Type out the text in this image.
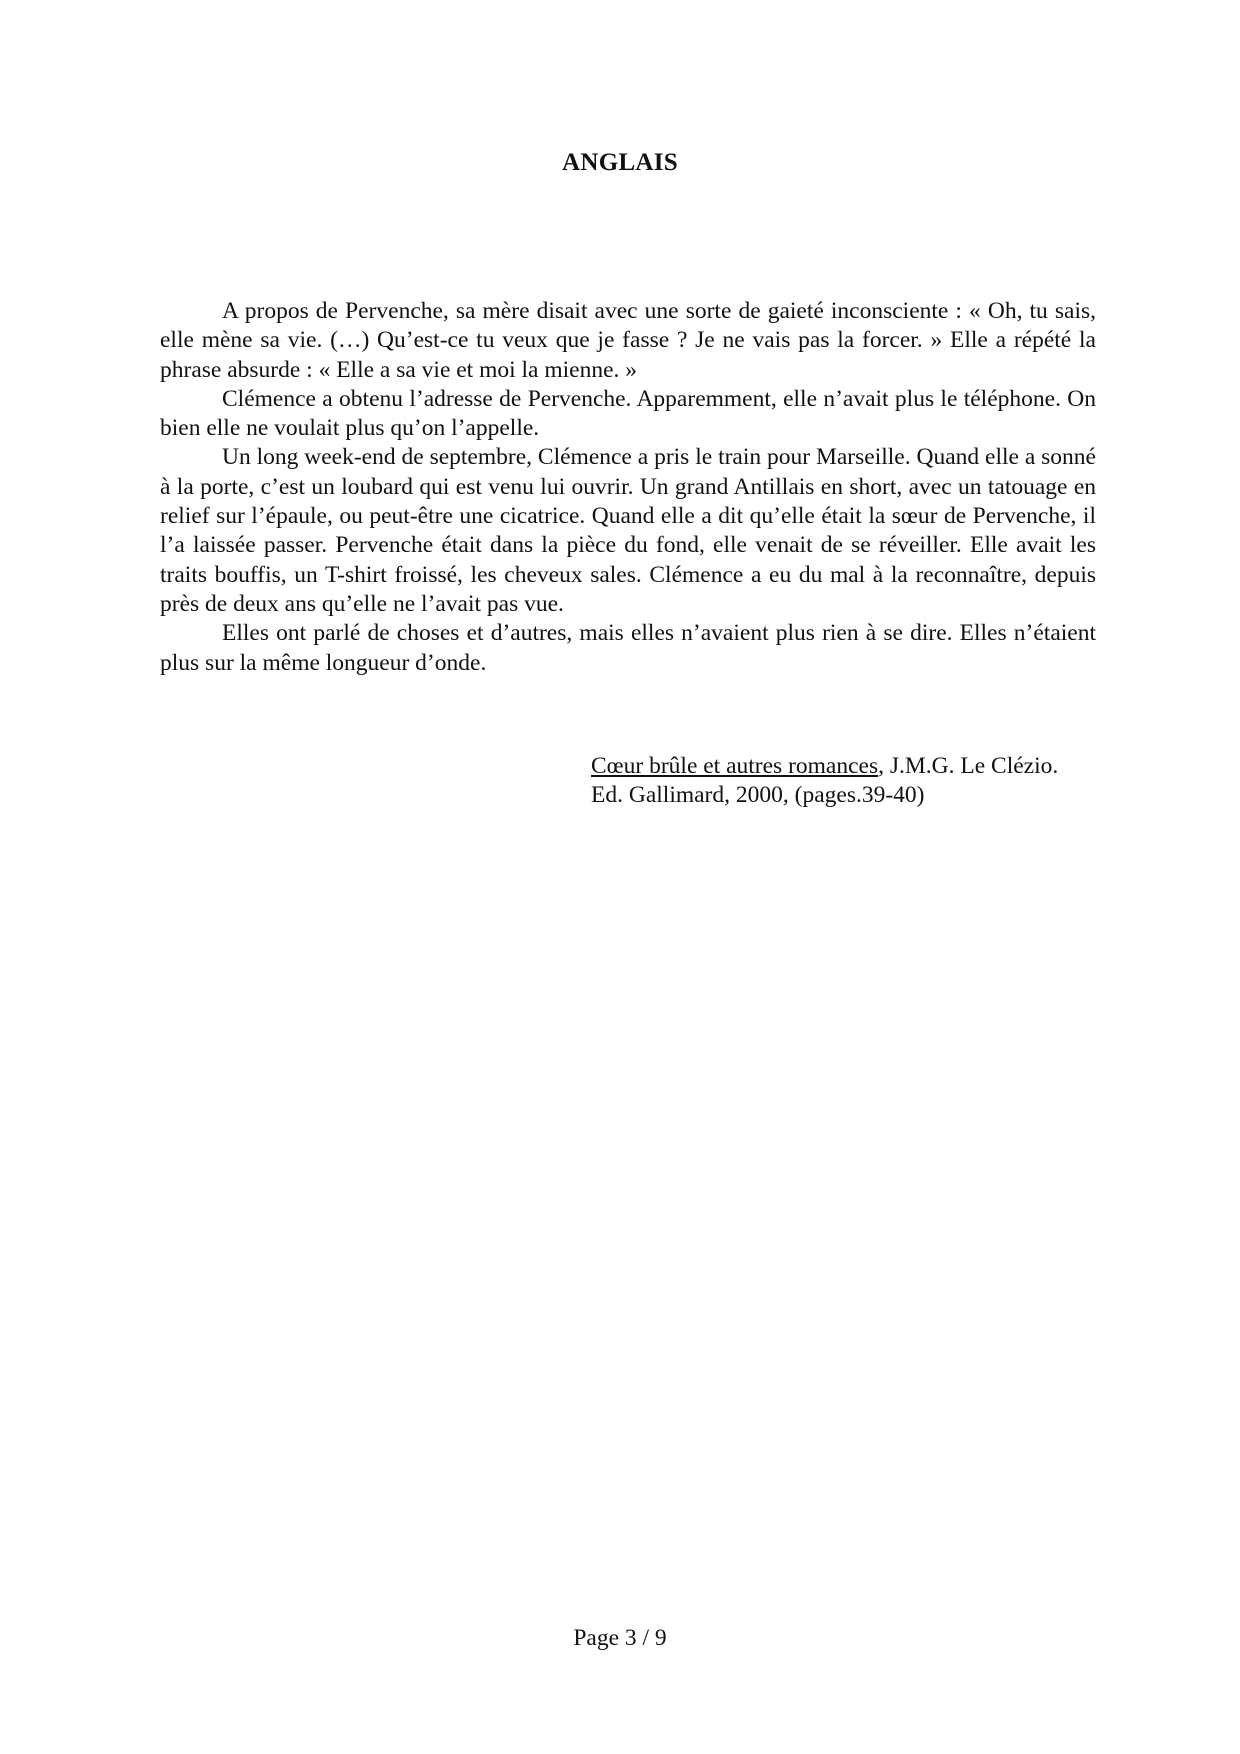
ANGLAIS

A propos de Pervenche, sa mère disait avec une sorte de gaieté inconsciente : « Oh, tu sais, elle mène sa vie. (…) Qu’est-ce tu veux que je fasse ? Je ne vais pas la forcer. » Elle a répété la phrase absurde : « Elle a sa vie et moi la mienne. »

Clémence a obtenu l’adresse de Pervenche. Apparemment, elle n’avait plus le téléphone. On bien elle ne voulait plus qu’on l’appelle.

Un long week-end de septembre, Clémence a pris le train pour Marseille. Quand elle a sonné à la porte, c’est un loubard qui est venu lui ouvrir. Un grand Antillais en short, avec un tatouage en relief sur l’épaule, ou peut-être une cicatrice. Quand elle a dit qu’elle était la sœur de Pervenche, il l’a laissée passer. Pervenche était dans la pièce du fond, elle venait de se réveiller. Elle avait les traits bouffis, un T-shirt froissé, les cheveux sales. Clémence a eu du mal à la reconnaître, depuis près de deux ans qu’elle ne l’avait pas vue.

Elles ont parlé de choses et d’autres, mais elles n’avaient plus rien à se dire. Elles n’étaient plus sur la même longueur d’onde.

Cœur brûle et autres romances, J.M.G. Le Clézio.
Ed. Gallimard, 2000, (pages.39-40)
Page 3 / 9
